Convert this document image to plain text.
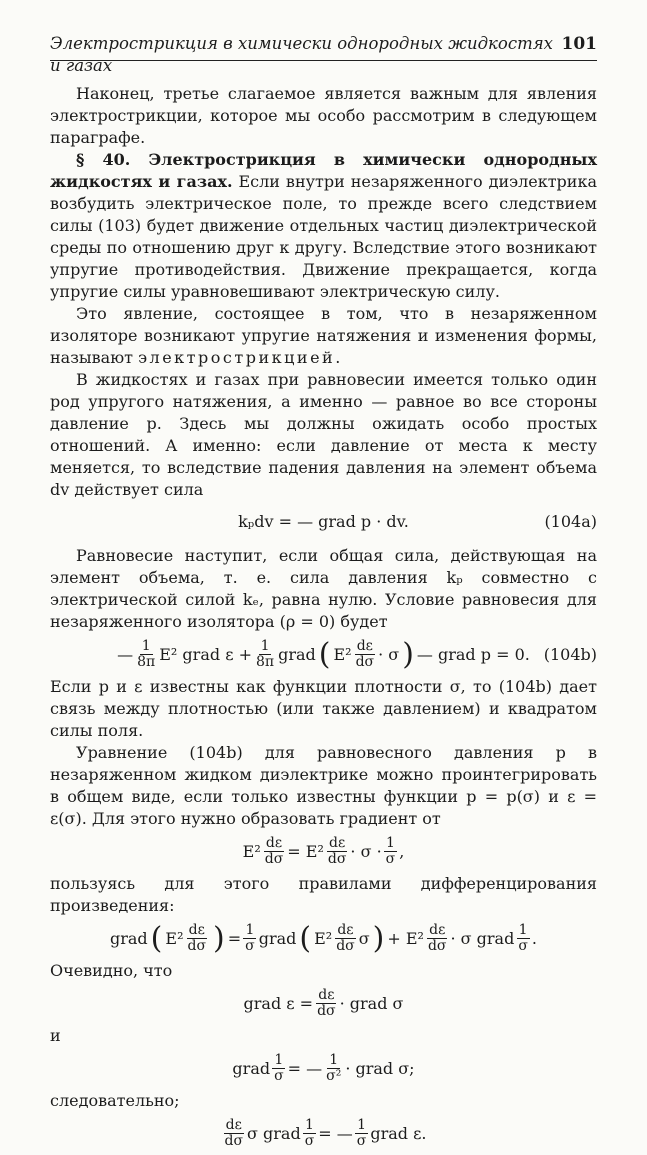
Электрострикция в химически однородных жидкостях и газах
101

Наконец, третье слагаемое является важным для явления электрострикции, которое мы особо рассмотрим в следующем параграфе.

§ 40. Электрострикция в химически однородных жидкостях и газах. Если внутри незаряженного диэлектрика возбудить электрическое поле, то прежде всего следствием силы (103) будет движение отдельных частиц диэлектрической среды по отношению друг к другу. Вследствие этого возникают упругие противодействия. Движение прекращается, когда упругие силы уравновешивают электрическую силу.

Это явление, состоящее в том, что в незаряженном изоляторе возникают упругие натяжения и изменения формы, называют электрострикцией.

В жидкостях и газах при равновесии имеется только один род упругого натяжения, а именно — равное во все стороны давление p. Здесь мы должны ожидать особо простых отношений. А именно: если давление от места к месту меняется, то вследствие падения давления на элемент объема dv действует сила

kₚdv = — grad p · dv.	(104a)

Равновесие наступит, если общая сила, действующая на элемент объема, т. е. сила давления kₚ совместно с электрической силой kₑ, равна нулю. Условие равновесия для незаряженного изолятора (ρ = 0) будет

— $\frac{1}{8\pi} E^2$ grad $\varepsilon + \frac{1}{8\pi}$ grad ( $E^2 \frac{d\varepsilon}{d\sigma} \cdot \sigma$ ) — grad p = 0. (104b)

Если p и ε известны как функции плотности σ, то (104b) дает связь между плотностью (или также давлением) и квадратом силы поля.

Уравнение (104b) для равновесного давления p в незаряженном жидком диэлектрике можно проинтегрировать в общем виде, если только известны функции p = p(σ) и ε = ε(σ). Для этого нужно образовать градиент от

$E^2 \frac{d\varepsilon}{d\sigma} = E^2 \frac{d\varepsilon}{d\sigma} \cdot \sigma \cdot \frac{1}{\sigma}$ ,

пользуясь для этого правилами дифференцирования произведения:

grad ( $E^2 \frac{d\varepsilon}{d\sigma}$ ) = $\frac{1}{\sigma}$ grad ( $E^2 \frac{d\varepsilon}{d\sigma}$ σ ) + $E^2 \frac{d\varepsilon}{d\sigma} \cdot \sigma$ grad $\frac{1}{\sigma}$ .

Очевидно, что

grad $\varepsilon = \frac{d\varepsilon}{d\sigma}$ · grad σ

и

grad $\frac{1}{\sigma}$ = — $\frac{1}{\text{σ²}}$ · grad σ;

следовательно;

$\frac{d\varepsilon}{d\sigma}$ σ grad $\frac{1}{\sigma}$ = — $\frac{1}{\sigma}$ grad ε.
